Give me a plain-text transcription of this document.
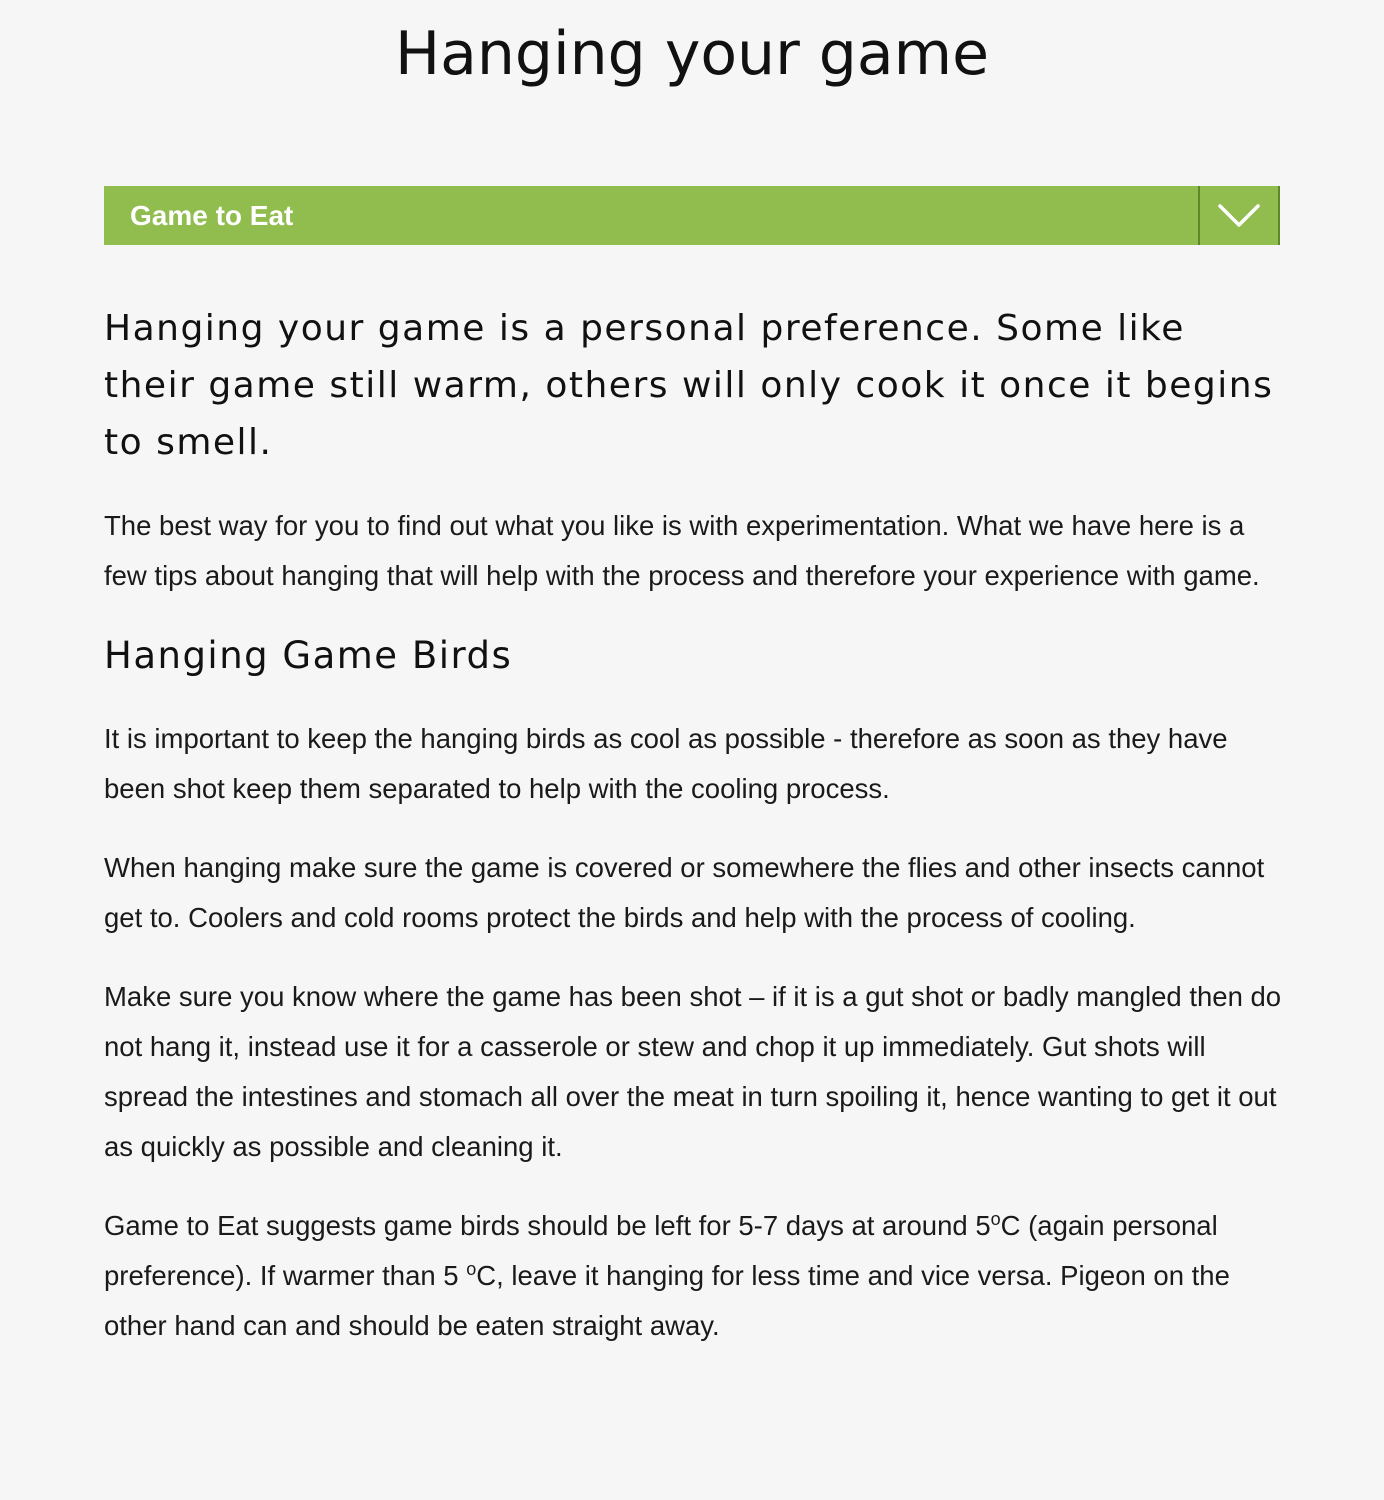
Hanging your game
Game to Eat

Hanging your game is a personal preference. Some like their game still warm, others will only cook it once it begins to smell.

The best way for you to find out what you like is with experimentation. What we have here is a few tips about hanging that will help with the process and therefore your experience with game.

Hanging Game Birds

It is important to keep the hanging birds as cool as possible - therefore as soon as they have been shot keep them separated to help with the cooling process.

When hanging make sure the game is covered or somewhere the flies and other insects cannot get to. Coolers and cold rooms protect the birds and help with the process of cooling.

Make sure you know where the game has been shot – if it is a gut shot or badly mangled then do not hang it, instead use it for a casserole or stew and chop it up immediately. Gut shots will spread the intestines and stomach all over the meat in turn spoiling it, hence wanting to get it out as quickly as possible and cleaning it.

Game to Eat suggests game birds should be left for 5-7 days at around 5$^o$C (again personal preference). If warmer than 5 $^o$C, leave it hanging for less time and vice versa. Pigeon on the other hand can and should be eaten straight away.
